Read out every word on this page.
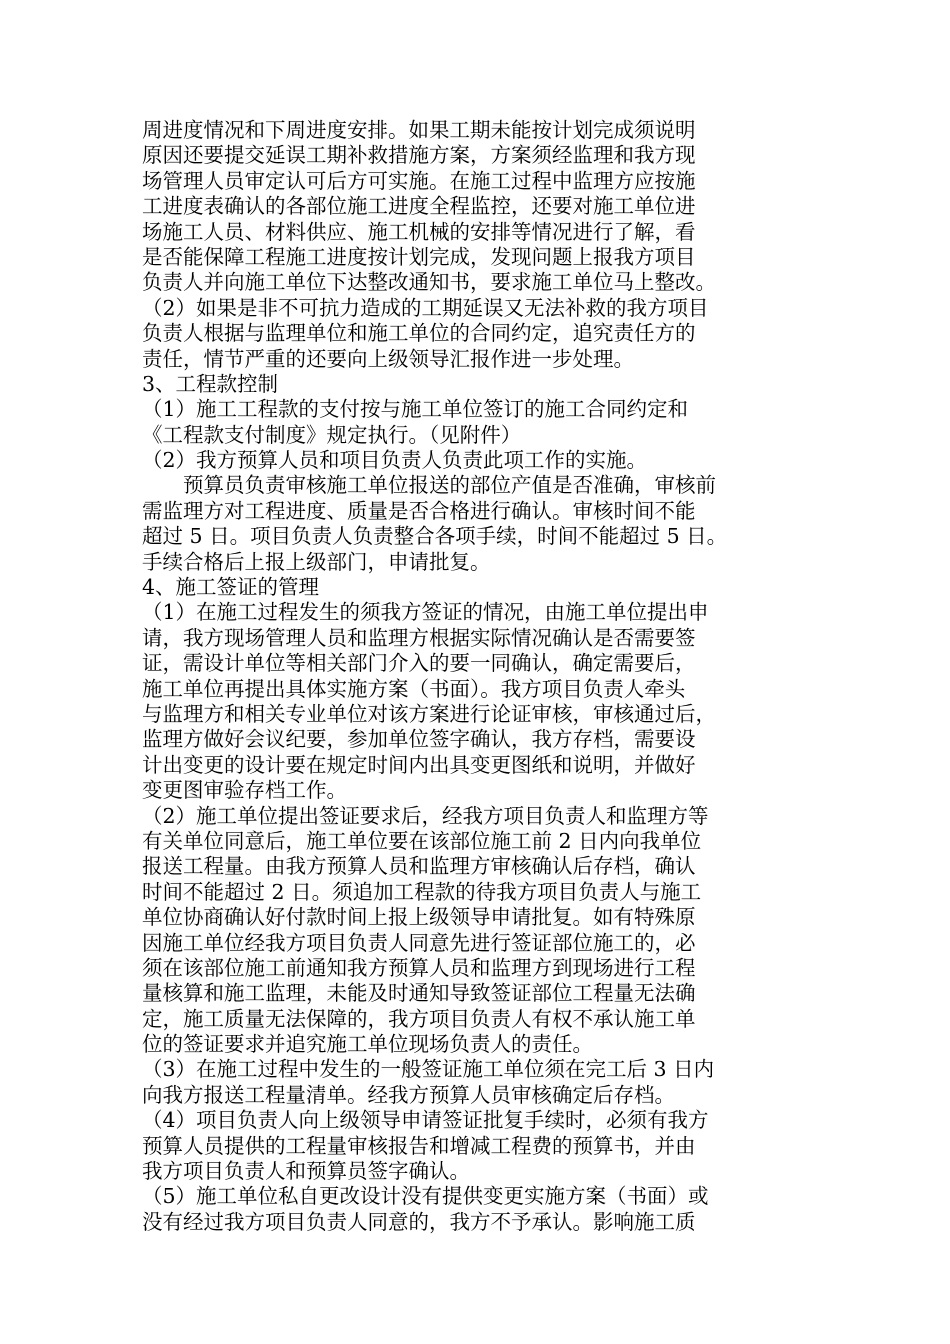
周进度情况和下周进度安排。如果工期未能按计划完成须说明
原因还要提交延误工期补救措施方案，方案须经监理和我方现
场管理人员审定认可后方可实施。在施工过程中监理方应按施
工进度表确认的各部位施工进度全程监控，还要对施工单位进
场施工人员、材料供应、施工机械的安排等情况进行了解，看
是否能保障工程施工进度按计划完成，发现问题上报我方项目
负责人并向施工单位下达整改通知书，要求施工单位马上整改。
（2）如果是非不可抗力造成的工期延误又无法补救的我方项目
负责人根据与监理单位和施工单位的合同约定，追究责任方的
责任，情节严重的还要向上级领导汇报作进一步处理。
3、工程款控制
（1）施工工程款的支付按与施工单位签订的施工合同约定和
《工程款支付制度》规定执行。（见附件）
（2）我方预算人员和项目负责人负责此项工作的实施。
预算员负责审核施工单位报送的部位产值是否准确，审核前
需监理方对工程进度、质量是否合格进行确认。审核时间不能
超过 5 日。项目负责人负责整合各项手续，时间不能超过 5 日。
手续合格后上报上级部门，申请批复。
4、施工签证的管理
（1）在施工过程发生的须我方签证的情况，由施工单位提出申
请，我方现场管理人员和监理方根据实际情况确认是否需要签
证，需设计单位等相关部门介入的要一同确认，确定需要后，
施工单位再提出具体实施方案（书面）。我方项目负责人牵头
与监理方和相关专业单位对该方案进行论证审核，审核通过后，
监理方做好会议纪要，参加单位签字确认，我方存档，需要设
计出变更的设计要在规定时间内出具变更图纸和说明，并做好
变更图审验存档工作。
（2）施工单位提出签证要求后，经我方项目负责人和监理方等
有关单位同意后，施工单位要在该部位施工前 2 日内向我单位
报送工程量。由我方预算人员和监理方审核确认后存档，确认
时间不能超过 2 日。须追加工程款的待我方项目负责人与施工
单位协商确认好付款时间上报上级领导申请批复。如有特殊原
因施工单位经我方项目负责人同意先进行签证部位施工的，必
须在该部位施工前通知我方预算人员和监理方到现场进行工程
量核算和施工监理，未能及时通知导致签证部位工程量无法确
定，施工质量无法保障的，我方项目负责人有权不承认施工单
位的签证要求并追究施工单位现场负责人的责任。
（3）在施工过程中发生的一般签证施工单位须在完工后 3 日内
向我方报送工程量清单。经我方预算人员审核确定后存档。
（4）项目负责人向上级领导申请签证批复手续时，必须有我方
预算人员提供的工程量审核报告和增减工程费的预算书，并由
我方项目负责人和预算员签字确认。
（5）施工单位私自更改设计没有提供变更实施方案（书面）或
没有经过我方项目负责人同意的，我方不予承认。影响施工质
